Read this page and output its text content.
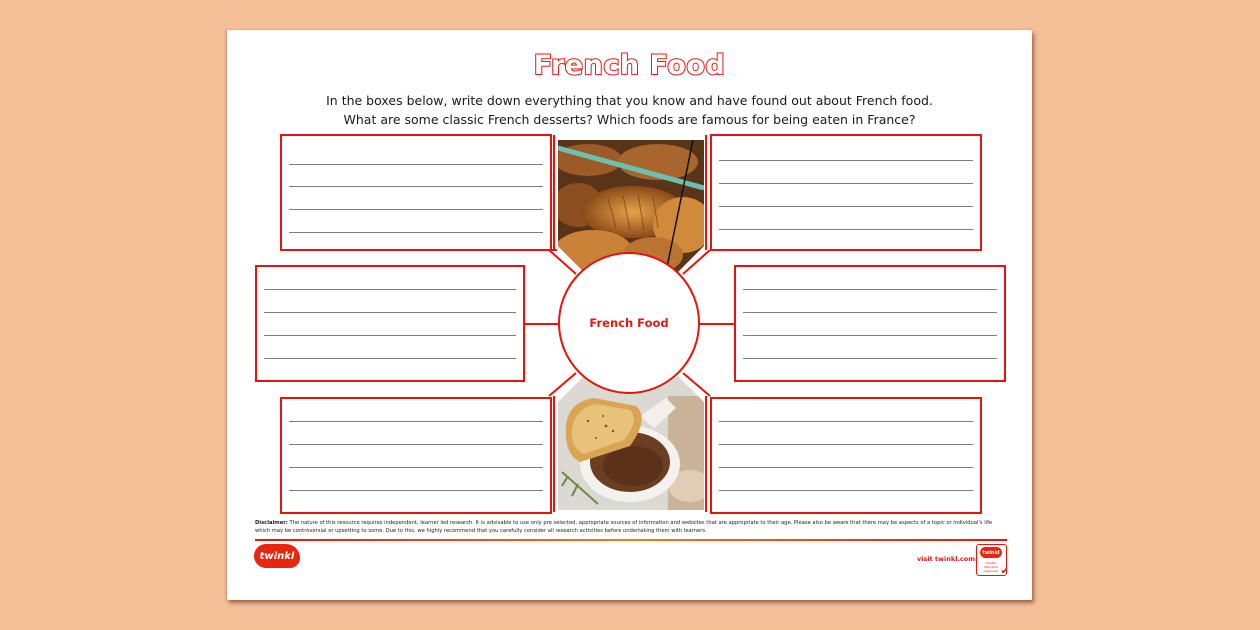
French Food
In the boxes below, write down everything that you know and have found out about French food.
What are some classic French desserts? Which foods are famous for being eaten in France?
French Food
Disclaimer: The nature of this resource requires independent, learner led research. It is advisable to use only pre selected, appropriate sources of information and websites that are appropriate to their age. Please also be aware that there may be aspects of a topic or individual's life which may be controversial or upsetting to some. Due to this, we highly recommend that you carefully consider all research activities before undertaking them with learners.
twinkl	visit twinkl.com
twinkl
Quality Standard Approved ✔
